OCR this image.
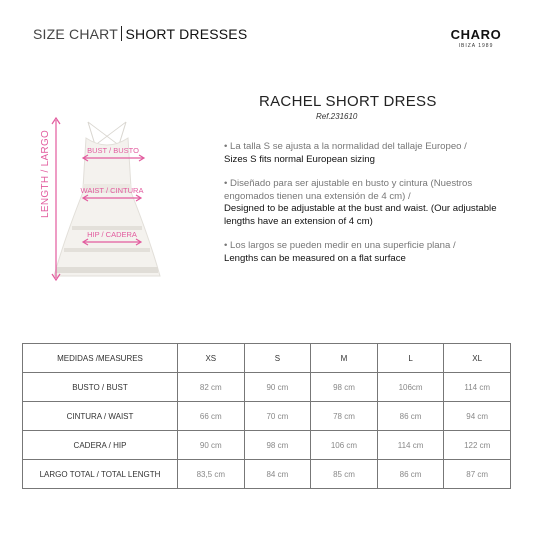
SIZE CHART SHORT DRESSES	CHARO
IBIZA 1989
BUST / BUSTO
WAIST / CINTURA
HIP / CADERA
LENGTH / LARGO
RACHEL SHORT DRESS
Ref.231610
• La talla S se ajusta a la normalidad del tallaje Europeo /
Sizes S fits normal European sizing
• Diseñado para ser ajustable en busto y cintura (Nuestros engomados tienen una extensión de 4 cm) /
Designed to be adjustable at the bust and waist. (Our adjustable lengths have an extension of 4 cm)
• Los largos se pueden medir en una superficie plana /
Lengths can be measured on a flat surface
MEDIDAS /MEASURES	XS	S	M	L	XL
BUSTO / BUST	82 cm	90 cm	98 cm	106cm	114 cm
CINTURA / WAIST	66 cm	70 cm	78 cm	86 cm	94 cm
CADERA / HIP	90 cm	98 cm	106 cm	114 cm	122 cm
LARGO TOTAL / TOTAL LENGTH	83,5 cm	84 cm	85 cm	86 cm	87 cm
